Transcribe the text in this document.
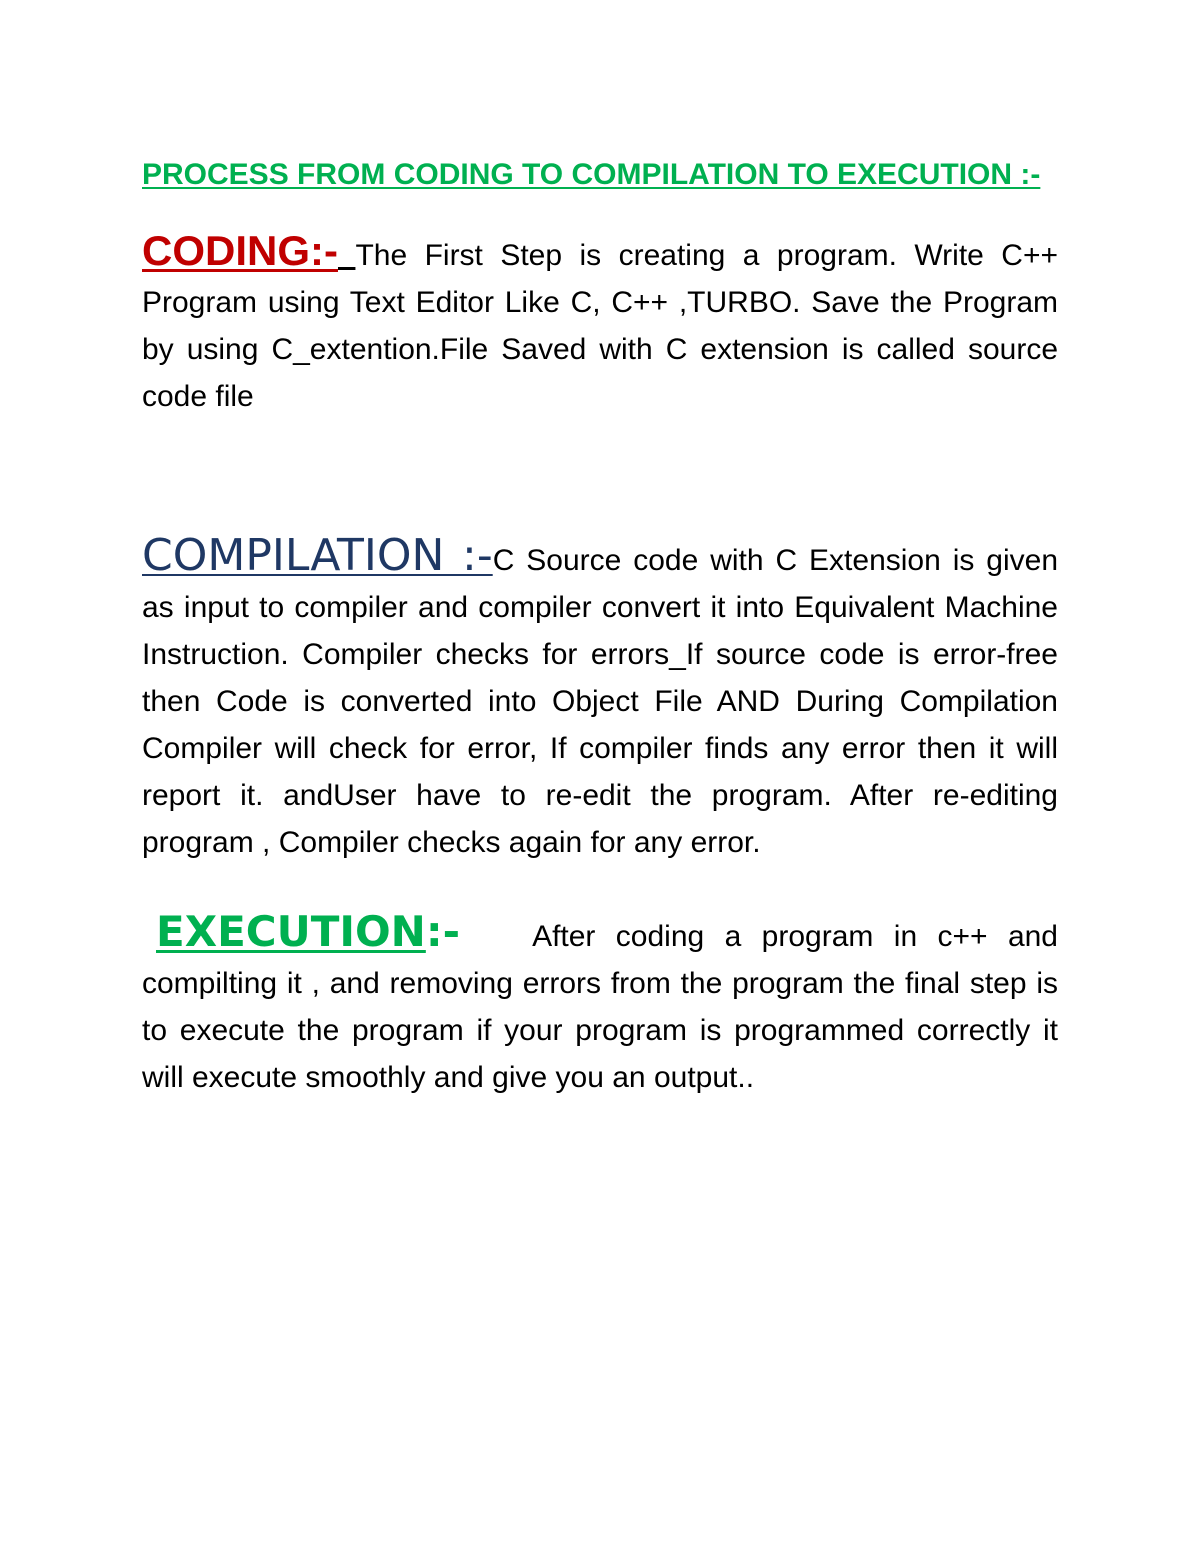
PROCESS FROM CODING TO COMPILATION TO EXECUTION :-

CODING:- The First Step is creating a program. Write C++ Program using Text Editor Like C, C++ ,TURBO. Save the Program by using C_extention.File Saved with C extension is called source code file

COMPILATION :-C Source code with C Extension is given as input to compiler and compiler convert it into Equivalent Machine Instruction. Compiler checks for errors_If source code is error-free then Code is converted into Object File AND During Compilation Compiler will check for error, If compiler finds any error then it will report it. andUser have to re-edit the program. After re-editing program , Compiler checks again for any error.

EXECUTION:- After coding a program in c++ and compilting it , and removing errors from the program the final step is to execute the program if your program is programmed correctly it will execute smoothly and give you an output..
